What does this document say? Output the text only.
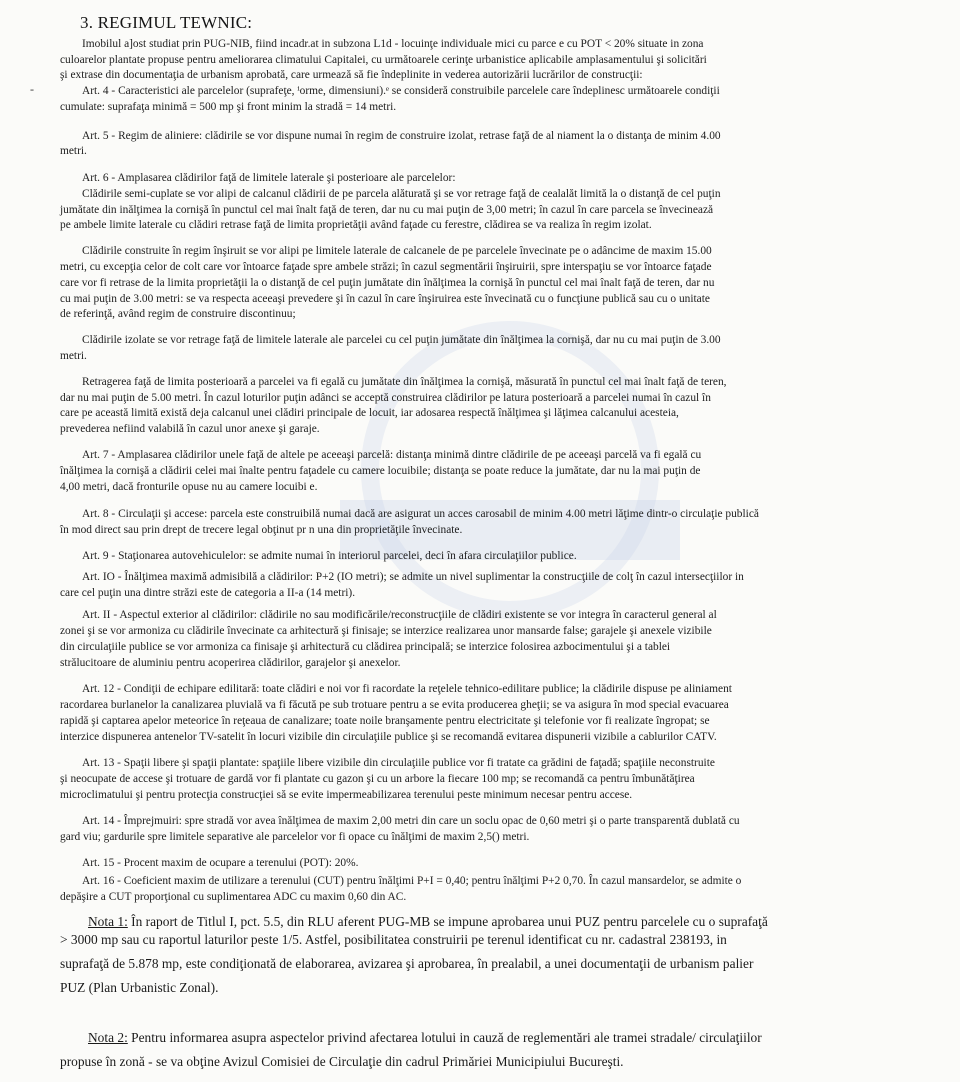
3. REGIMUL TEWNIC:
-
Imobilul a]ost studiat prin PUG-NIB, fiind incadr.at in subzona L1d - locuinţe individuale mici cu parce e cu POT < 20% situate in zona
culoarelor plantate propuse pentru ameliorarea climatului Capitalei, cu următoarele cerinţe urbanistice aplicabile amplasamentului şi solicitări
şi extrase din documentaţia de urbanism aprobată, care urmează să fie îndeplinite in vederea autorizării lucrărilor de construcţii:
Art. 4 - Caracteristici ale parcelelor (suprafeţe, ⁱorme, dimensiuni).ᵉ se consideră construibile parcelele care îndeplinesc următoarele condiţii
cumulate: suprafaţa minimă = 500 mp şi front minim la stradă = 14 metri.
Art. 5 - Regim de aliniere: clădirile se vor dispune numai în regim de construire izolat, retrase faţă de al niament la o distanţa de minim 4.00
metri.
Art. 6 - Amplasarea clădirilor faţă de limitele laterale şi posterioare ale parcelelor:
Clădirile semi-cuplate se vor alipi de calcanul clădirii de pe parcela alăturată şi se vor retrage faţă de cealalăt limită la o distanţă de cel puţin
jumătate din inălţimea la cornişă în punctul cel mai înalt faţă de teren, dar nu cu mai puţin de 3,00 metri; în cazul în care parcela se învecinează
pe ambele limite laterale cu clădiri retrase faţă de limita proprietăţii având faţade cu ferestre, clădirea se va realiza în regim izolat.
Clădirile construite în regim înşiruit se vor alipi pe limitele laterale de calcanele de pe parcelele învecinate pe o adâncime de maxim 15.00
metri, cu excepţia celor de colt care vor întoarce faţade spre ambele străzi; în cazul segmentării înşiruirii, spre interspaţiu se vor întoarce faţade
care vor fi retrase de la limita proprietăţii la o distanţă de cel puţin jumătate din înălţimea la cornişă în punctul cel mai înalt faţă de teren, dar nu
cu mai puţin de 3.00 metri: se va respecta aceeaşi prevedere şi în cazul în care înşiruirea este învecinată cu o funcţiune publică sau cu o unitate
de referinţă, având regim de construire discontinuu;
Clădirile izolate se vor retrage faţă de limitele laterale ale parcelei cu cel puţin jumătate din înălţimea la cornişă, dar nu cu mai puţin de 3.00
metri.
Retragerea faţă de limita posterioară a parcelei va fi egală cu jumătate din înălţimea la cornişă, măsurată în punctul cel mai înalt faţă de teren,
dar nu mai puţin de 5.00 metri. În cazul loturilor puţin adânci se acceptă construirea clădirilor pe latura posterioară a parcelei numai în cazul în
care pe această limită există deja calcanul unei clădiri principale de locuit, iar adosarea respectă înălţimea şi lăţimea calcanului acesteia,
prevederea nefiind valabilă în cazul unor anexe şi garaje.
Art. 7 - Amplasarea clădirilor unele faţă de altele pe aceeaşi parcelă: distanţa minimă dintre clădirile de pe aceeaşi parcelă va fi egală cu
înălţimea la cornişă a clădirii celei mai înalte pentru faţadele cu camere locuibile; distanţa se poate reduce la jumătate, dar nu la mai puţin de
4,00 metri, dacă fronturile opuse nu au camere locuibi e.
Art. 8 - Circulaţii şi accese: parcela este construibilă numai dacă are asigurat un acces carosabil de minim 4.00 metri lăţime dintr-o circulaţie publică
în mod direct sau prin drept de trecere legal obţinut pr n una din proprietăţile învecinate.
Art. 9 - Staţionarea autovehiculelor: se admite numai în interiorul parcelei, deci în afara circulaţiilor publice.
Art. IO - Înălţimea maximă admisibilă a clădirilor: P+2 (IO metri); se admite un nivel suplimentar la construcţiile de colţ în cazul intersecţiilor in
care cel puţin una dintre străzi este de categoria a II-a (14 metri).
Art. II - Aspectul exterior al clădirilor: clădirile no sau modificările/reconstrucţiile de clădiri existente se vor integra în caracterul general al
zonei şi se vor armoniza cu clădirile învecinate ca arhitectură şi finisaje; se interzice realizarea unor mansarde false; garajele şi anexele vizibile
din circulaţiile publice se vor armoniza ca finisaje şi arhitectură cu clădirea principală; se interzice folosirea azbocimentului şi a tablei
strălucitoare de aluminiu pentru acoperirea clădirilor, garajelor şi anexelor.
Art. 12 - Condiţii de echipare edilitară: toate clădiri e noi vor fi racordate la reţelele tehnico-edilitare publice; la clădirile dispuse pe aliniament
racordarea burlanelor la canalizarea pluvială va fi făcută pe sub trotuare pentru a se evita producerea gheţii; se va asigura în mod special evacuarea
rapidă şi captarea apelor meteorice în reţeaua de canalizare; toate noile branşamente pentru electricitate şi telefonie vor fi realizate îngropat; se
interzice dispunerea antenelor TV-satelit în locuri vizibile din circulaţiile publice şi se recomandă evitarea dispunerii vizibile a cablurilor CATV.
Art. 13 - Spaţii libere şi spaţii plantate: spaţiile libere vizibile din circulaţiile publice vor fi tratate ca grădini de faţadă; spaţiile neconstruite
şi neocupate de accese şi trotuare de gardă vor fi plantate cu gazon şi cu un arbore la fiecare 100 mp; se recomandă ca pentru îmbunătăţirea
microclimatului şi pentru protecţia construcţiei să se evite impermeabilizarea terenului peste minimum necesar pentru accese.
Art. 14 - Împrejmuiri: spre stradă vor avea înălţimea de maxim 2,00 metri din care un soclu opac de 0,60 metri şi o parte transparentă dublată cu
gard viu; gardurile spre limitele separative ale parcelelor vor fi opace cu înălţimi de maxim 2,5() metri.
Art. 15 - Procent maxim de ocupare a terenului (POT): 20%.
Art. 16 - Coeficient maxim de utilizare a terenului (CUT) pentru înălţimi P+I = 0,40; pentru înălţimi P+2 0,70. În cazul mansardelor, se admite o
depăşire a CUT proporţional cu suplimentarea ADC cu maxim 0,60 din AC.
Nota 1: În raport de Titlul I, pct. 5.5, din RLU aferent PUG-MB se impune aprobarea unui PUZ pentru parcelele cu o suprafaţă
> 3000 mp sau cu raportul laturilor peste 1/5. Astfel, posibilitatea construirii pe terenul identificat cu nr. cadastral 238193, in
suprafaţă de 5.878 mp, este condiţionată de elaborarea, avizarea şi aprobarea, în prealabil, a unei documentaţii de urbanism palier
PUZ (Plan Urbanistic Zonal).
Nota 2: Pentru informarea asupra aspectelor privind afectarea lotului in cauză de reglementări ale tramei stradale/ circulaţiilor
propuse în zonă - se va obţine Avizul Comisiei de Circulaţie din cadrul Primăriei Municipiului Bucureşti.
